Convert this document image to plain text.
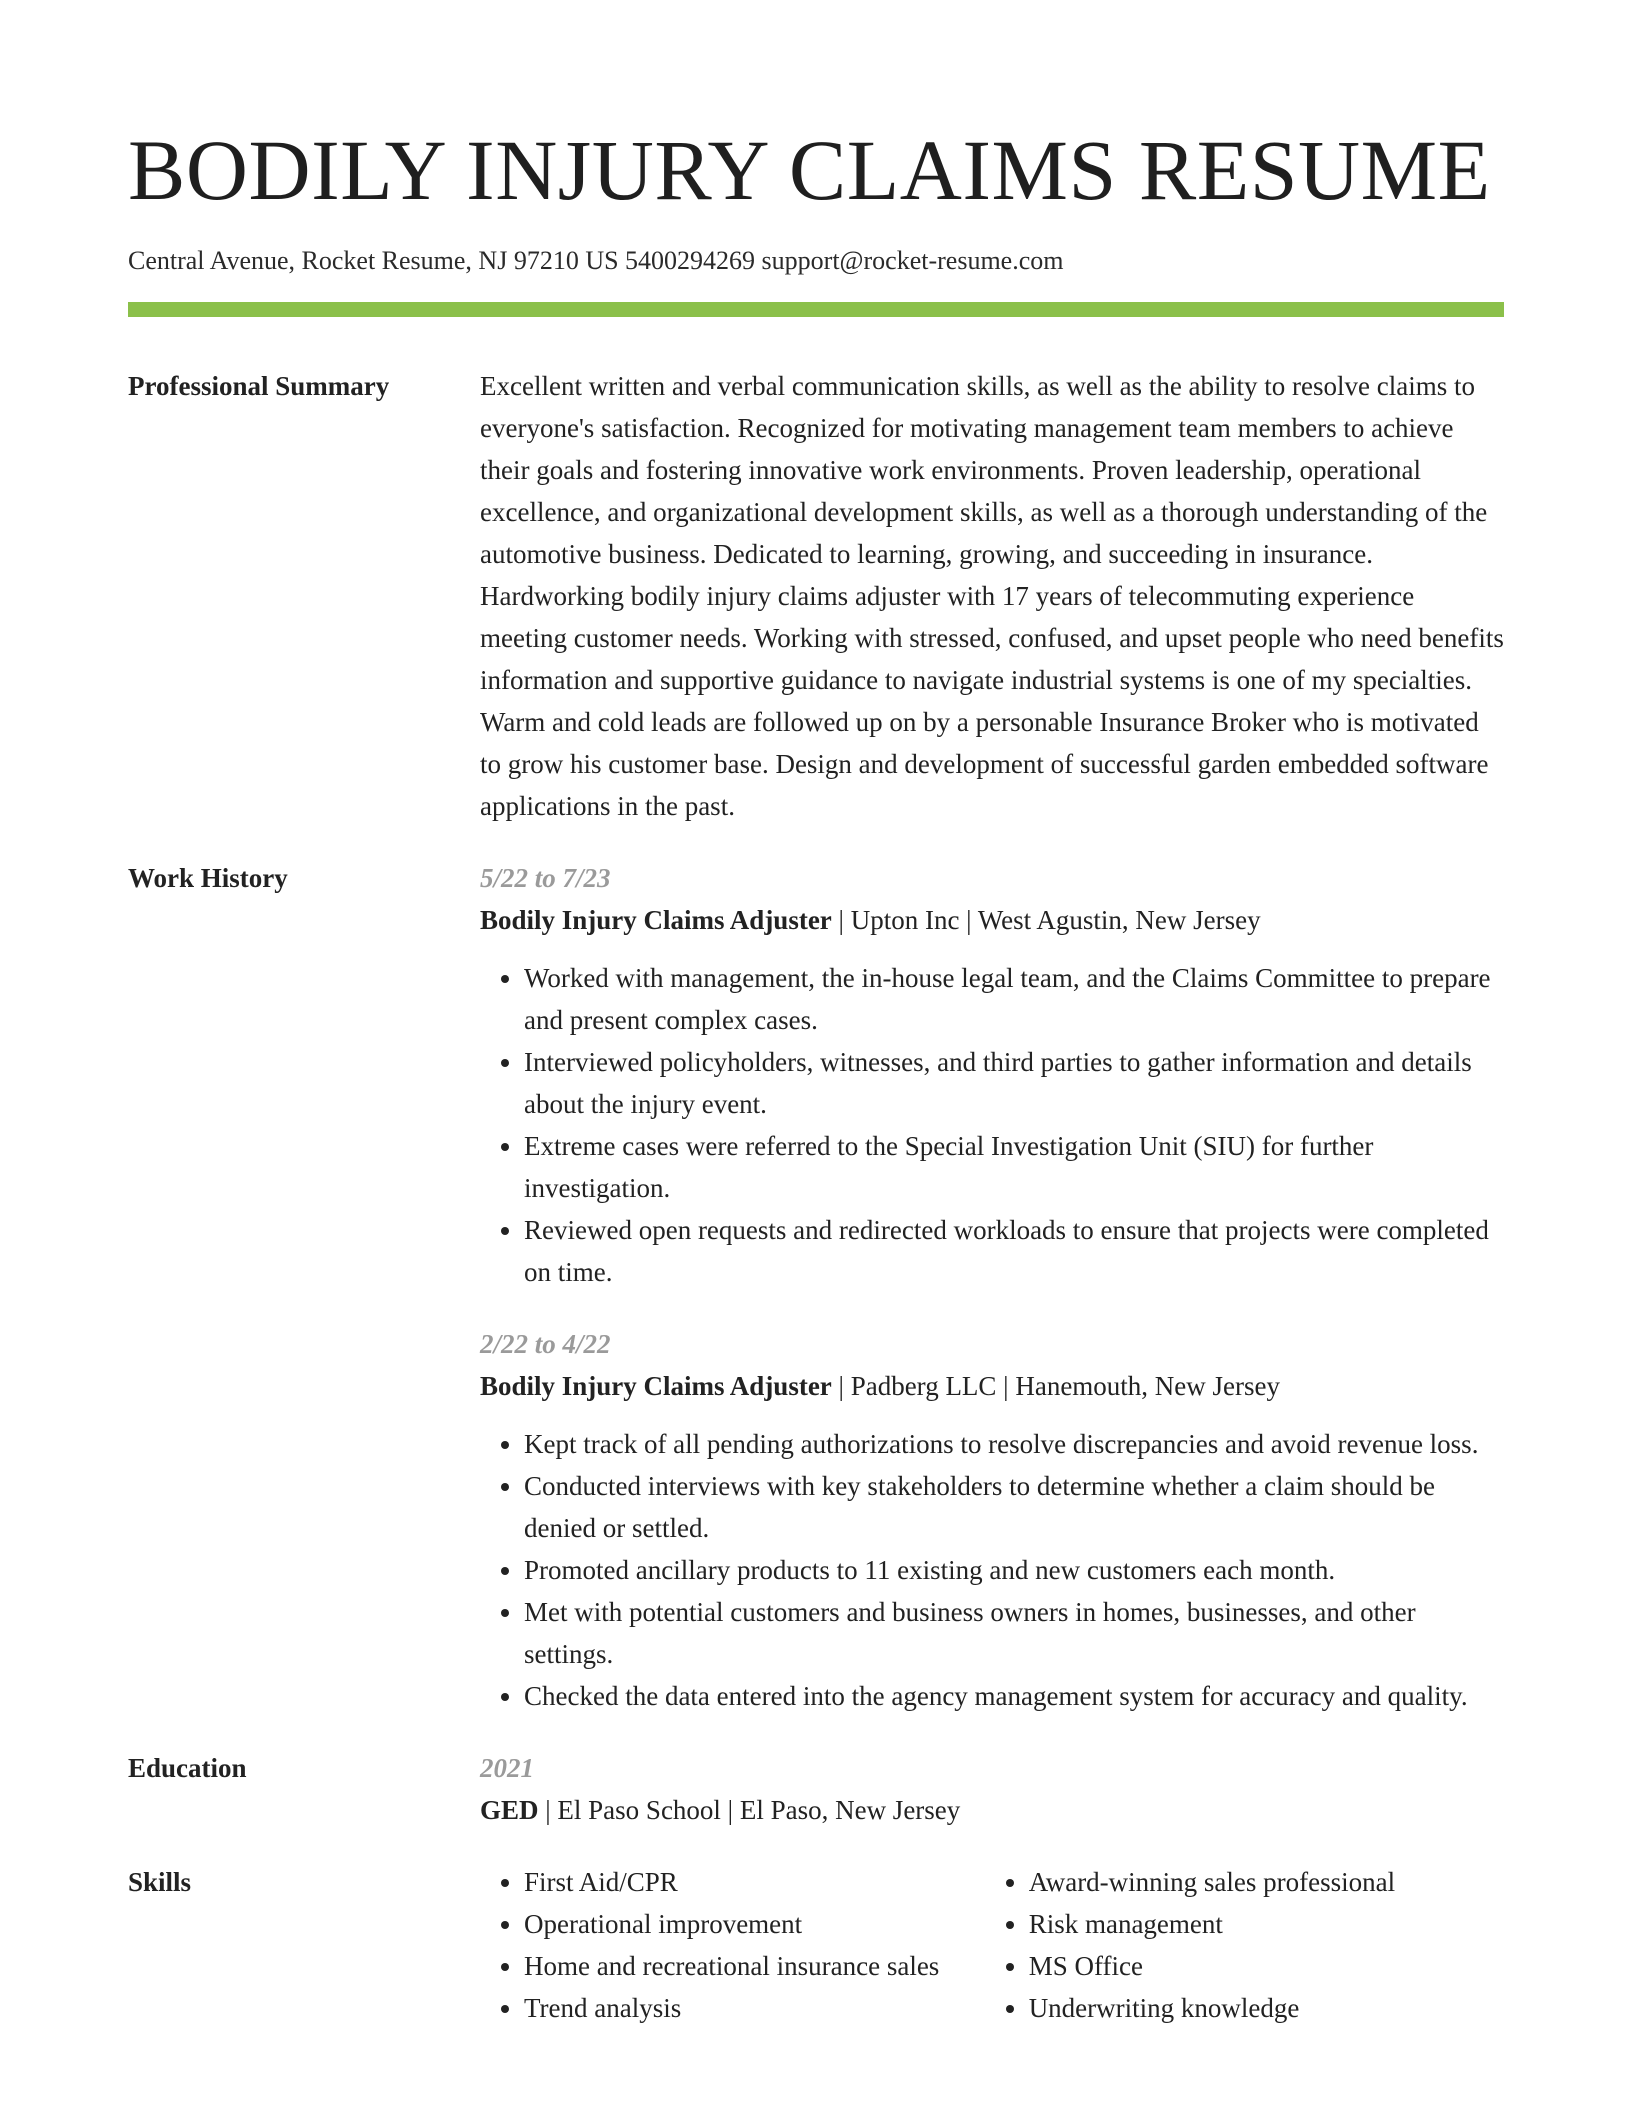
BODILY INJURY CLAIMS RESUME
Central Avenue, Rocket Resume, NJ 97210 US 5400294269 support@rocket-resume.com
Professional Summary	Excellent written and verbal communication skills, as well as the ability to resolve claims to everyone's satisfaction. Recognized for motivating management team members to achieve their goals and fostering innovative work environments. Proven leadership, operational excellence, and organizational development skills, as well as a thorough understanding of the automotive business. Dedicated to learning, growing, and succeeding in insurance. Hardworking bodily injury claims adjuster with 17 years of telecommuting experience meeting customer needs. Working with stressed, confused, and upset people who need benefits information and supportive guidance to navigate industrial systems is one of my specialties. Warm and cold leads are followed up on by a personable Insurance Broker who is motivated to grow his customer base. Design and development of successful garden embedded software applications in the past.

Work History	5/22 to 7/23
Bodily Injury Claims Adjuster | Upton Inc | West Agustin, New Jersey
• Worked with management, the in-house legal team, and the Claims Committee to prepare and present complex cases.
• Interviewed policyholders, witnesses, and third parties to gather information and details about the injury event.
• Extreme cases were referred to the Special Investigation Unit (SIU) for further investigation.
• Reviewed open requests and redirected workloads to ensure that projects were completed on time.
2/22 to 4/22
Bodily Injury Claims Adjuster | Padberg LLC | Hanemouth, New Jersey
• Kept track of all pending authorizations to resolve discrepancies and avoid revenue loss.
• Conducted interviews with key stakeholders to determine whether a claim should be denied or settled.
• Promoted ancillary products to 11 existing and new customers each month.
• Met with potential customers and business owners in homes, businesses, and other settings.
• Checked the data entered into the agency management system for accuracy and quality.
Education	2021
GED | El Paso School | El Paso, New Jersey
Skills
•	First Aid/CPR
• Operational improvement
• Home and recreational insurance sales
• Trend analysis
• Award-winning sales professional
• Risk management
• MS Office
• Underwriting knowledge
